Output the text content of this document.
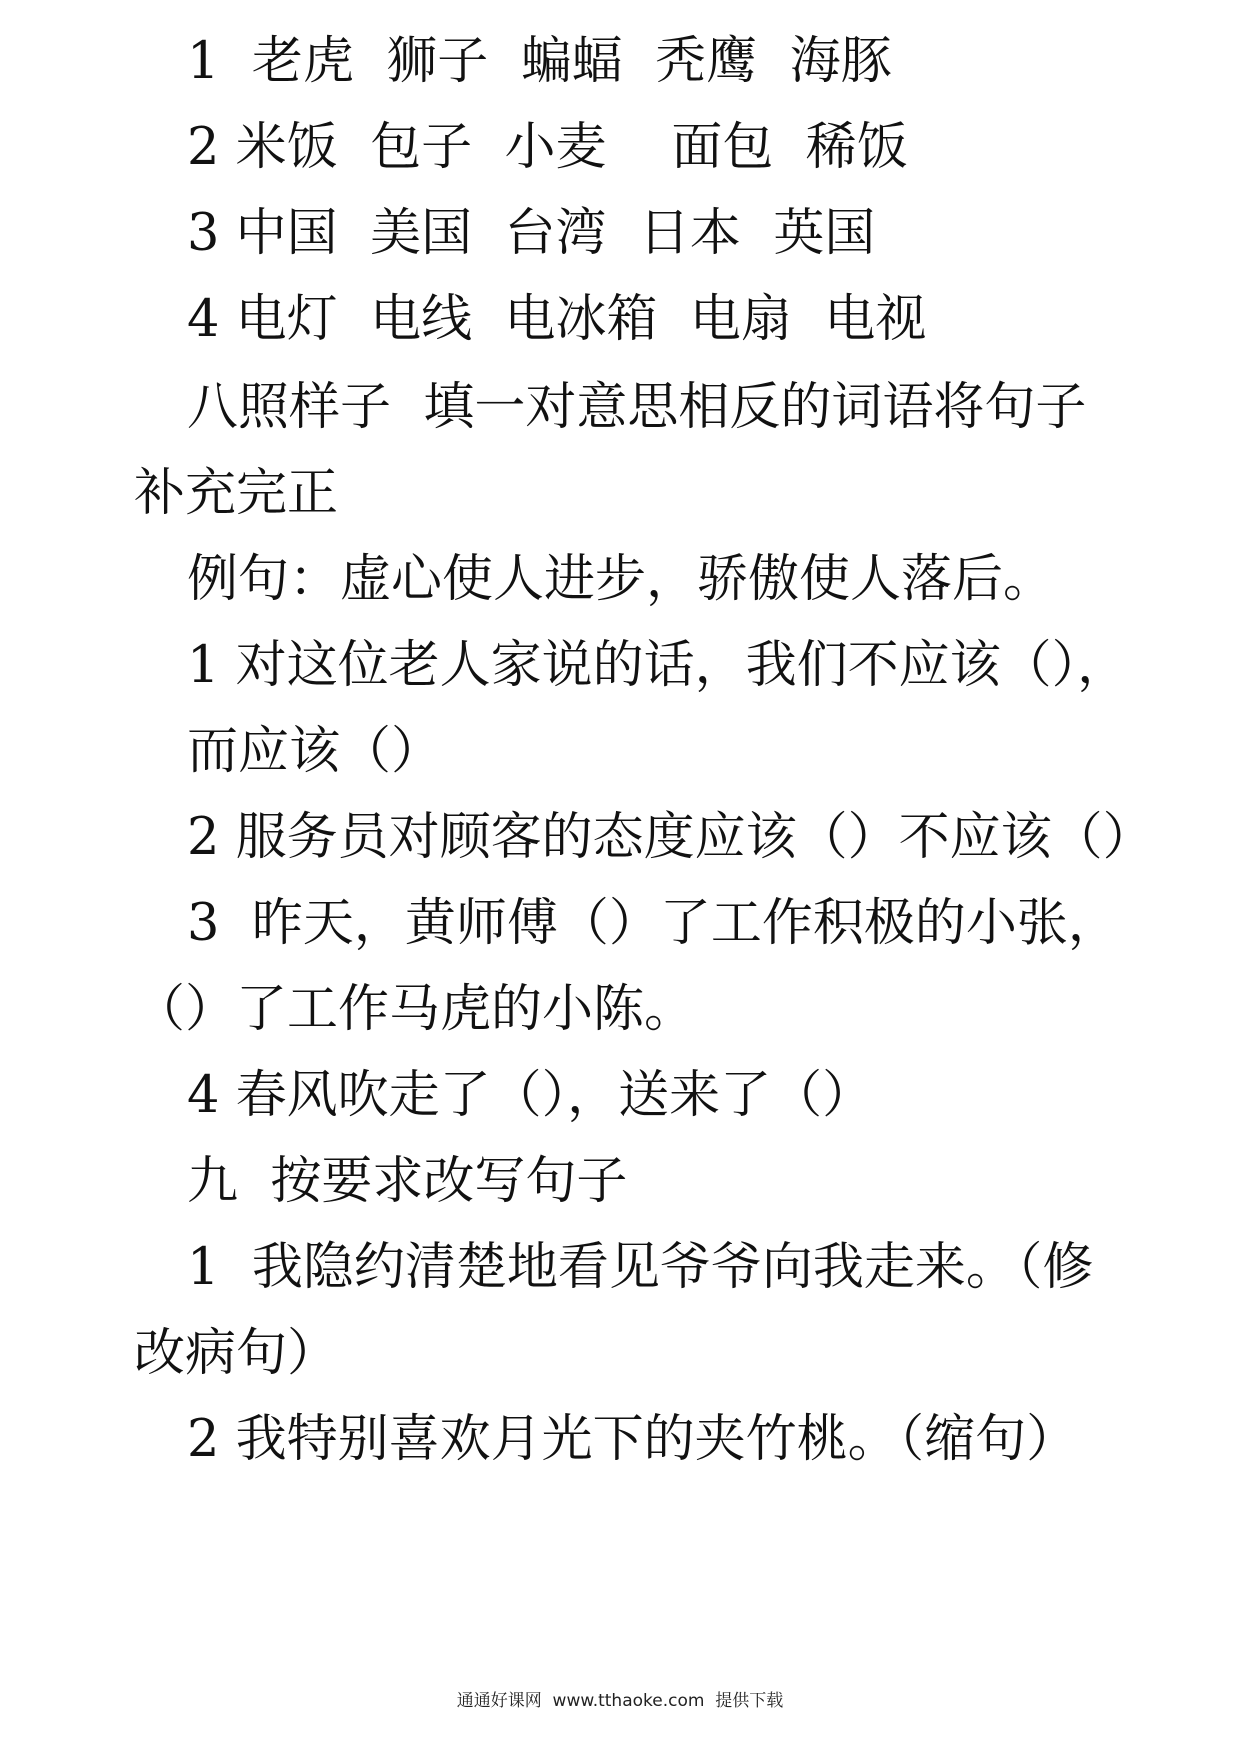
1  老虎  狮子  蝙蝠  秃鹰  海豚
2 米饭  包子  小麦    面包  稀饭
3 中国  美国  台湾  日本  英国
4 电灯  电线  电冰箱  电扇  电视
八照样子  填一对意思相反的词语将句子
补充完正
例句：虚心使人进步，骄傲使人落后。
1 对这位老人家说的话，我们不应该（），
而应该（）
2 服务员对顾客的态度应该（）不应该（）
3  昨天，黄师傅（）了工作积极的小张，
（）了工作马虎的小陈。
4 春风吹走了（），送来了（）
九  按要求改写句子
1  我隐约清楚地看见爷爷向我走来。（修
改病句）
2 我特别喜欢月光下的夹竹桃。（缩句）
通通好课网  www.tthaoke.com  提供下载
